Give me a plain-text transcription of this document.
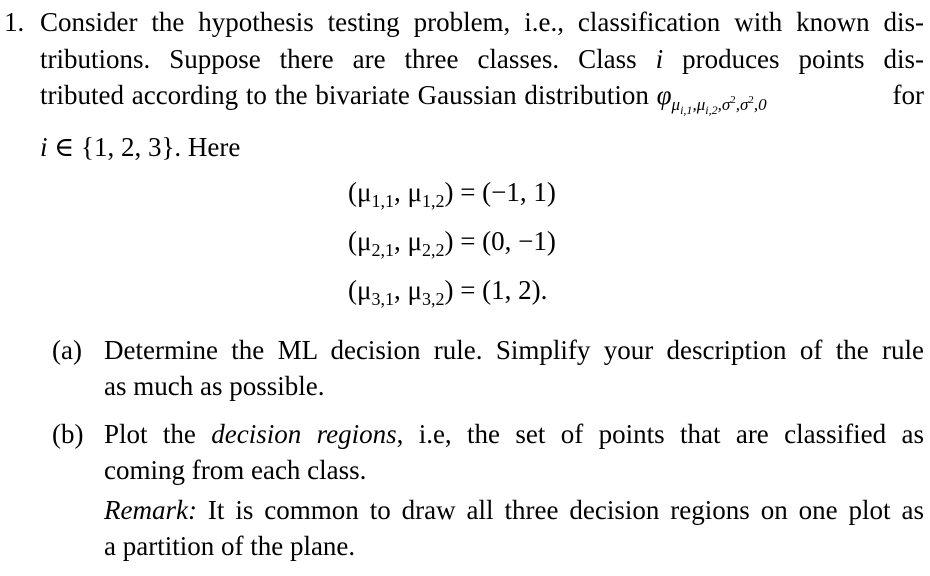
1. Consider the hypothesis testing problem, i.e., classification with known dis-
tributions. Suppose there are three classes. Class i produces points dis-
tributed according to the bivariate Gaussian distribution $\varphi_{\mu_{i,1},\mu_{i,2},\sigma^2,\sigma^2,0}$	for
i ∈ {1, 2, 3}. Here
($\mu_{1,1}$, $\mu_{1,2}) = (-1$, 1)
($\mu_{2,1}$, $\mu_{2,2}) = (0$, −1)
($\mu_{3,1}$, $\mu_{3,2}) = (1$, 2).
(a) Determine the ML decision rule. Simplify your description of the rule
as much as possible.
(b) Plot the decision regions, i.e, the set of points that are classified as
coming from each class.
Remark: It is common to draw all three decision regions on one plot as
a partition of the plane.
